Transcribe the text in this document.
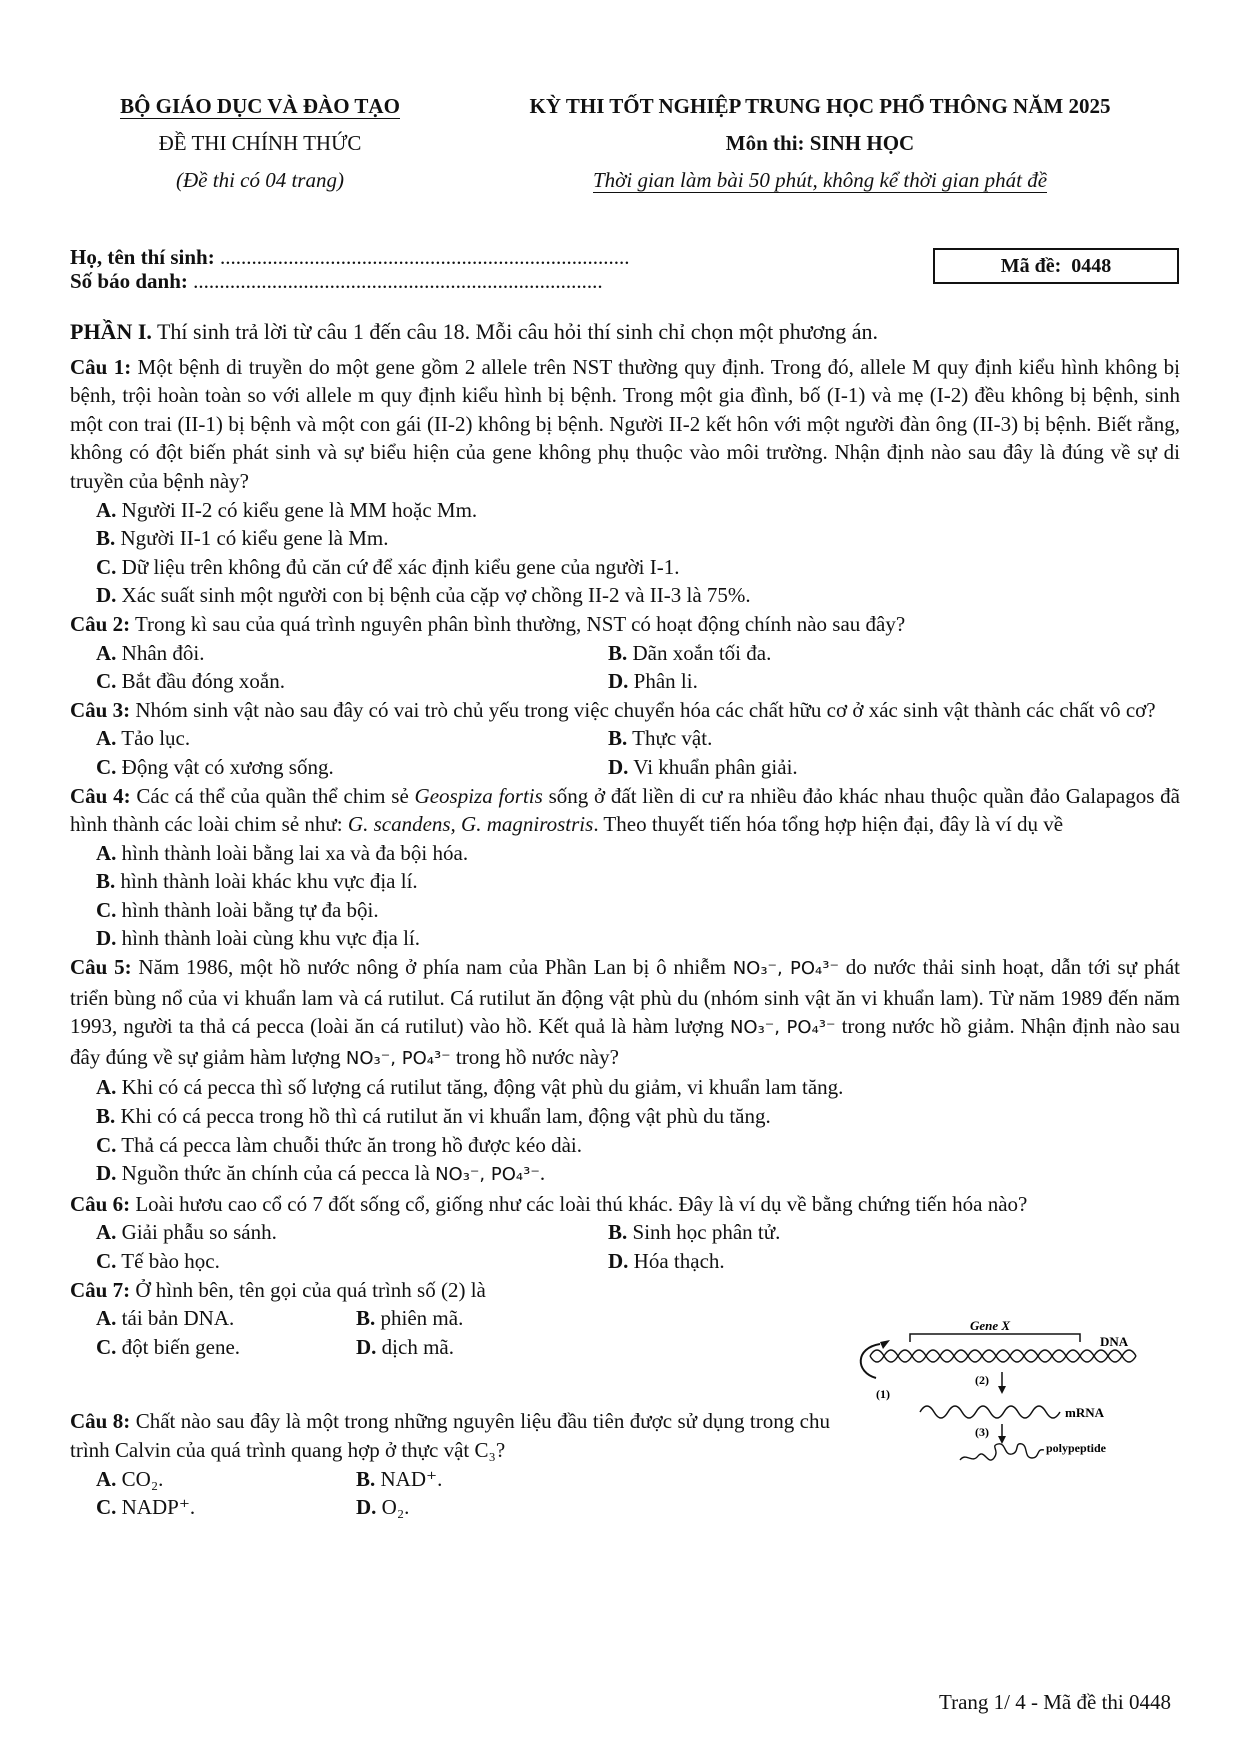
BỘ GIÁO DỤC VÀ ĐÀO TẠO
ĐỀ THI CHÍNH THỨC
(Đề thi có 04 trang)
KỲ THI TỐT NGHIỆP TRUNG HỌC PHỔ THÔNG NĂM 2025
Môn thi: SINH HỌC
Thời gian làm bài 50 phút, không kể thời gian phát đề
Họ, tên thí sinh: ..............................................................................
Số báo danh: ..............................................................................
Mã đề: 0448
PHẦN I. Thí sinh trả lời từ câu 1 đến câu 18. Mỗi câu hỏi thí sinh chỉ chọn một phương án.
Câu 1: Một bệnh di truyền do một gene gồm 2 allele trên NST thường quy định. Trong đó, allele M quy định kiểu hình không bị bệnh, trội hoàn toàn so với allele m quy định kiểu hình bị bệnh. Trong một gia đình, bố (I-1) và mẹ (I-2) đều không bị bệnh, sinh một con trai (II-1) bị bệnh và một con gái (II-2) không bị bệnh. Người II-2 kết hôn với một người đàn ông (II-3) bị bệnh. Biết rằng, không có đột biến phát sinh và sự biểu hiện của gene không phụ thuộc vào môi trường. Nhận định nào sau đây là đúng về sự di truyền của bệnh này?
A. Người II-2 có kiểu gene là MM hoặc Mm.
B. Người II-1 có kiểu gene là Mm.
C. Dữ liệu trên không đủ căn cứ để xác định kiểu gene của người I-1.
D. Xác suất sinh một người con bị bệnh của cặp vợ chồng II-2 và II-3 là 75%.
Câu 2: Trong kì sau của quá trình nguyên phân bình thường, NST có hoạt động chính nào sau đây?
A. Nhân đôi.	B. Dãn xoắn tối đa.
C. Bắt đầu đóng xoắn.	D. Phân li.
Câu 3: Nhóm sinh vật nào sau đây có vai trò chủ yếu trong việc chuyển hóa các chất hữu cơ ở xác sinh vật thành các chất vô cơ?
A. Tảo lục.	B. Thực vật.
C. Động vật có xương sống.	D. Vi khuẩn phân giải.
Câu 4: Các cá thể của quần thể chim sẻ Geospiza fortis sống ở đất liền di cư ra nhiều đảo khác nhau thuộc quần đảo Galapagos đã hình thành các loài chim sẻ như: G. scandens, G. magnirostris. Theo thuyết tiến hóa tổng hợp hiện đại, đây là ví dụ về
A. hình thành loài bằng lai xa và đa bội hóa.
B. hình thành loài khác khu vực địa lí.
C. hình thành loài bằng tự đa bội.
D. hình thành loài cùng khu vực địa lí.
Câu 5: Năm 1986, một hồ nước nông ở phía nam của Phần Lan bị ô nhiễm NO₃⁻, PO₄³⁻ do nước thải sinh hoạt, dẫn tới sự phát triển bùng nổ của vi khuẩn lam và cá rutilut. Cá rutilut ăn động vật phù du (nhóm sinh vật ăn vi khuẩn lam). Từ năm 1989 đến năm 1993, người ta thả cá pecca (loài ăn cá rutilut) vào hồ. Kết quả là hàm lượng NO₃⁻, PO₄³⁻ trong nước hồ giảm. Nhận định nào sau đây đúng về sự giảm hàm lượng NO₃⁻, PO₄³⁻ trong hồ nước này?
A. Khi có cá pecca thì số lượng cá rutilut tăng, động vật phù du giảm, vi khuẩn lam tăng.
B. Khi có cá pecca trong hồ thì cá rutilut ăn vi khuẩn lam, động vật phù du tăng.
C. Thả cá pecca làm chuỗi thức ăn trong hồ được kéo dài.
D. Nguồn thức ăn chính của cá pecca là NO₃⁻, PO₄³⁻.
Câu 6: Loài hươu cao cổ có 7 đốt sống cổ, giống như các loài thú khác. Đây là ví dụ về bằng chứng tiến hóa nào?
A. Giải phẫu so sánh.	B. Sinh học phân tử.
C. Tế bào học.	D. Hóa thạch.
Câu 7: Ở hình bên, tên gọi của quá trình số (2) là
A. tái bản DNA.	B. phiên mã.
C. đột biến gene.	D. dịch mã.
Câu 8: Chất nào sau đây là một trong những nguyên liệu đầu tiên được sử dụng trong chu trình Calvin của quá trình quang hợp ở thực vật C₃?
A. CO₂.	B. NAD⁺.
C. NADP⁺.	D. O₂.
Gene X
DNA
(1)
(2)
mRNA
(3)
polypeptide
Trang 1/ 4 - Mã đề thi 0448
